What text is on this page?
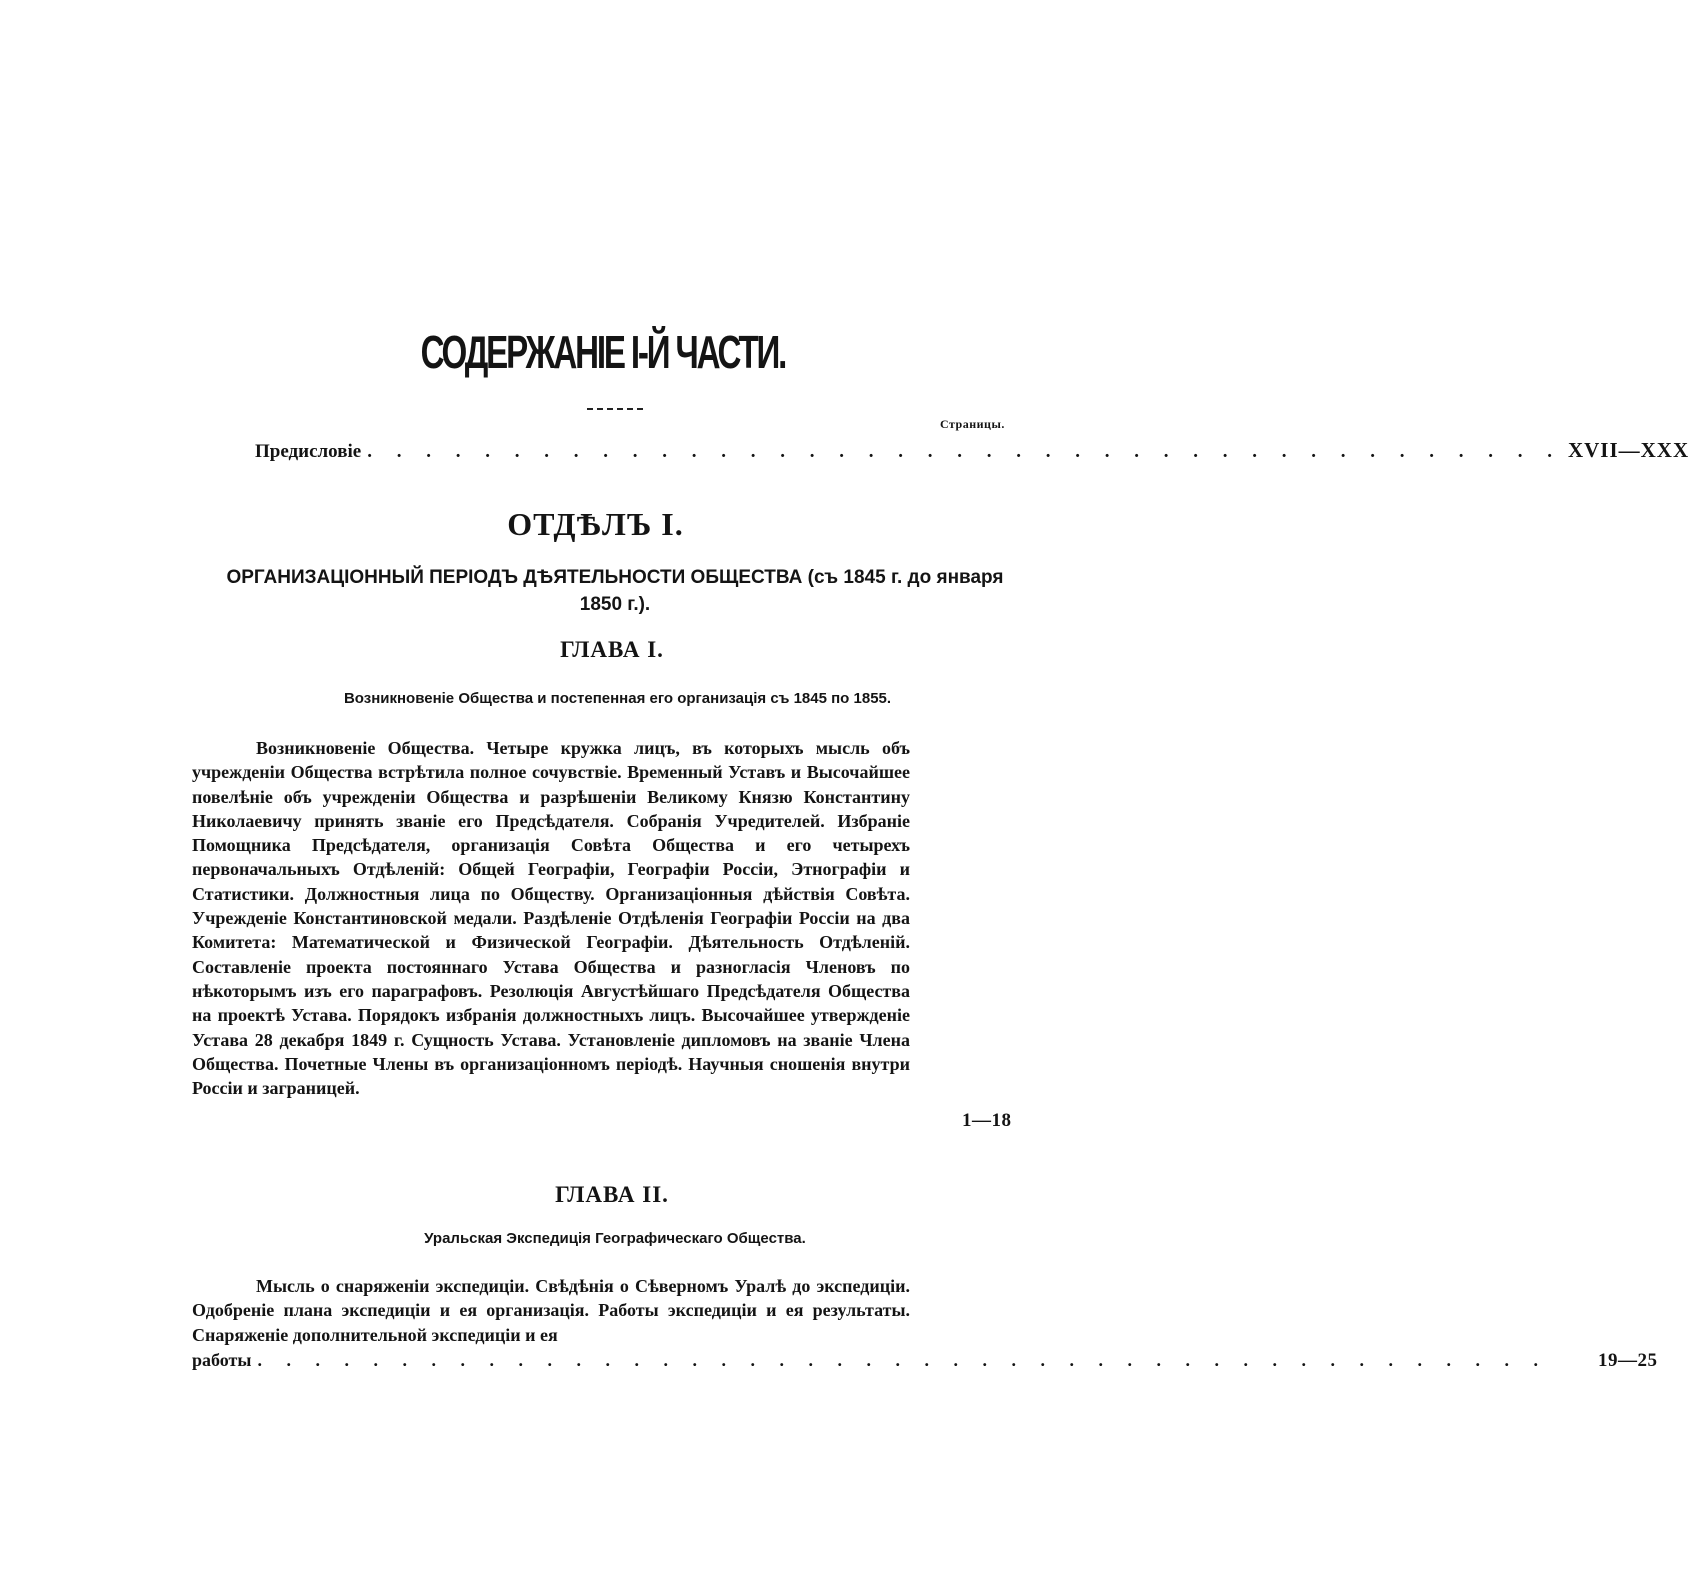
СОДЕРЖАНІЕ І-Й ЧАСТИ.
Страницы.
Предисловіе . . . . . . . . . . . . . . . . . . . . . . . . . . . . . . . . . . . . . . . . . XVII—XXX
ОТДѢЛЪ І.
ОРГАНИЗАЦІОННЫЙ ПЕРІОДЪ ДѢЯТЕЛЬНОСТИ ОБЩЕСТВА (съ 1845 г. до января 1850 г.).
ГЛАВА I.
Возникновеніе Общества и постепенная его организація съ 1845 по 1855.
Возникновеніе Общества. Четыре кружка лицъ, въ которыхъ мысль объ учрежденіи Общества встрѣтила полное сочувствіе. Временный Уставъ и Высочайшее повелѣніе объ учрежденіи Общества и разрѣшеніи Великому Князю Константину Николаевичу принять званіе его Предсѣдателя. Собранія Учредителей. Избраніе Помощника Предсѣдателя, организація Совѣта Общества и его четырехъ первоначальныхъ Отдѣленій: Общей Географіи, Географіи Россіи, Этнографіи и Статистики. Должностныя лица по Обществу. Организаціонныя дѣйствія Совѣта. Учрежденіе Константиновской медали. Раздѣленіе Отдѣленія Географіи Россіи на два Комитета: Математической и Физической Географіи. Дѣятельность Отдѣленій. Составленіе проекта постояннаго Устава Общества и разногласія Членовъ по нѣкоторымъ изъ его параграфовъ. Резолюція Августѣйшаго Предсѣдателя Общества на проектѣ Устава. Порядокъ избранія должностныхъ лицъ. Высочайшее утвержденіе Устава 28 декабря 1849 г. Сущность Устава. Установленіе дипломовъ на званіе Члена Общества. Почетные Члены въ организаціонномъ періодѣ. Научныя сношенія внутри Россіи и заграницей.
1—18
ГЛАВА II.
Уральская Экспедиція Географическаго Общества.
Мысль о снаряженіи экспедиціи. Свѣдѣнія о Сѣверномъ Уралѣ до экспедиціи. Одобреніе плана экспедиціи и ея организація. Работы экспедиціи и ея результаты. Снаряженіе дополнительной экспедиціи и ея
работы . . . . . . . . . . . . . . . . . . . . . . . . . . . . . . . . . . . . . . . . . . . . .	19—25
